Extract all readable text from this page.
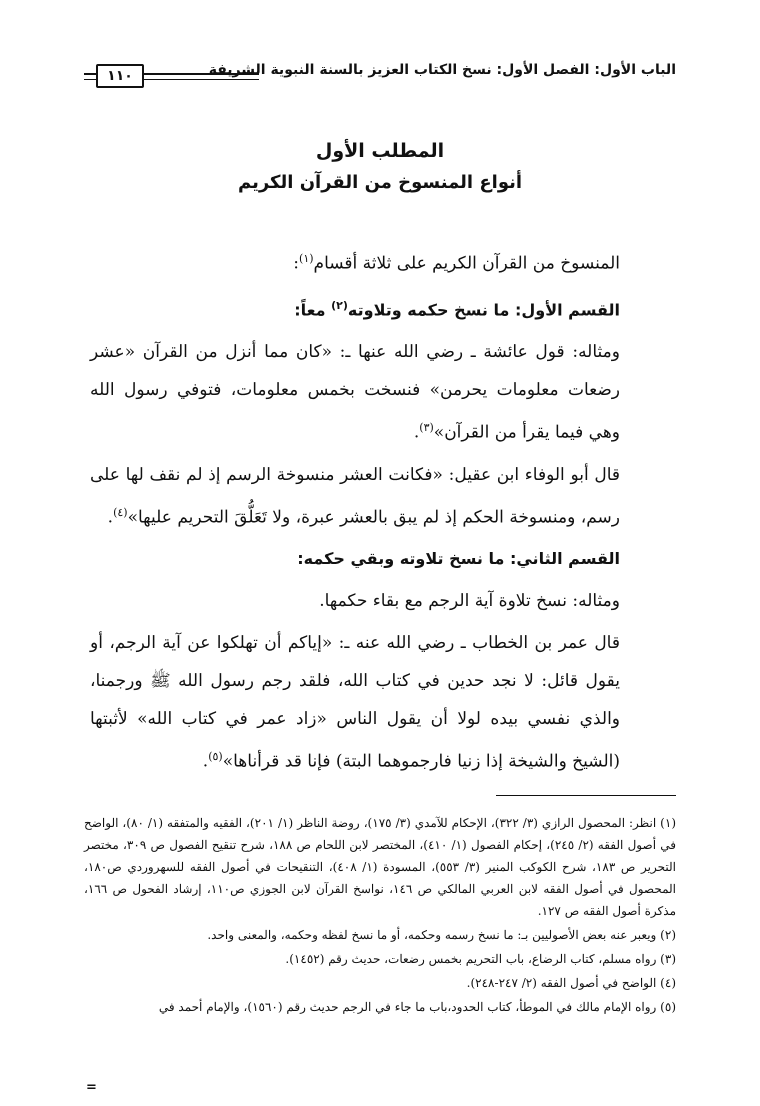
الباب الأول: الفصل الأول: نسخ الكتاب العزيز بالسنة النبوية الشريفة
١١٠
المطلب الأول
أنواع المنسوخ من القرآن الكريم

المنسوخ من القرآن الكريم على ثلاثة أقسام$^{(١)}$:

القسم الأول: ما نسخ حكمه وتلاوته$^{(٢)}$ معاً:

ومثاله: قول عائشة ـ رضي الله عنها ـ: «كان مما أنزل من القرآن «عشر رضعات معلومات يحرمن» فنسخت بخمس معلومات، فتوفي رسول الله وهي فيما يقرأ من القرآن»$^{(٣)}$.

قال أبو الوفاء ابن عقيل: «فكانت العشر منسوخة الرسم إذ لم نقف لها على رسم، ومنسوخة الحكم إذ لم يبق بالعشر عبرة، ولا تَعَلُّقَ التحريم عليها»$^{(٤)}$.

القسم الثاني: ما نسخ تلاوته وبقي حكمه:

ومثاله: نسخ تلاوة آية الرجم مع بقاء حكمها.

قال عمر بن الخطاب ـ رضي الله عنه ـ: «إياكم أن تهلكوا عن آية الرجم، أو يقول قائل: لا نجد حدين في كتاب الله، فلقد رجم رسول الله ﷺ ورجمنا، والذي نفسي بيده لولا أن يقول الناس «زاد عمر في كتاب الله» لأثبتها (الشيخ والشيخة إذا زنيا فارجموهما البتة) فإنا قد قرأناها»$^{(٥)}$.

(١) انظر: المحصول الرازي (٣/ ٣٢٢)، الإحكام للآمدي (٣/ ١٧٥)، روضة الناظر (١/ ٢٠١)، الفقيه والمتفقه (١/ ٨٠)، الواضح في أصول الفقه (٢/ ٢٤٥)، إحكام الفصول (١/ ٤١٠)، المختصر لابن اللحام ص ١٨٨، شرح تنقيح الفصول ص ٣٠٩، مختصر التحرير ص ١٨٣، شرح الكوكب المنير (٣/ ٥٥٣)، المسودة (١/ ٤٠٨)، التنقيحات في أصول الفقه للسهروردي ص١٨٠، المحصول في أصول الفقه لابن العربي المالكي ص ١٤٦، نواسخ القرآن لابن الجوزي ص١١٠، إرشاد الفحول ص ١٦٦، مذكرة أصول الفقه ص ١٢٧.

(٢) ويعبر عنه بعض الأصوليين بـ: ما نسخ رسمه وحكمه، أو ما نسخ لفظه وحكمه، والمعنى واحد.

(٣) رواه مسلم، كتاب الرضاع، باب التحريم بخمس رضعات، حديث رقم (١٤٥٢).

(٤) الواضح في أصول الفقه (٢/ ٢٤٧-٢٤٨).

(٥) رواه الإمام مالك في الموطأ، كتاب الحدود،باب ما جاء في الرجم حديث رقم (١٥٦٠)، والإمام أحمد في

=
